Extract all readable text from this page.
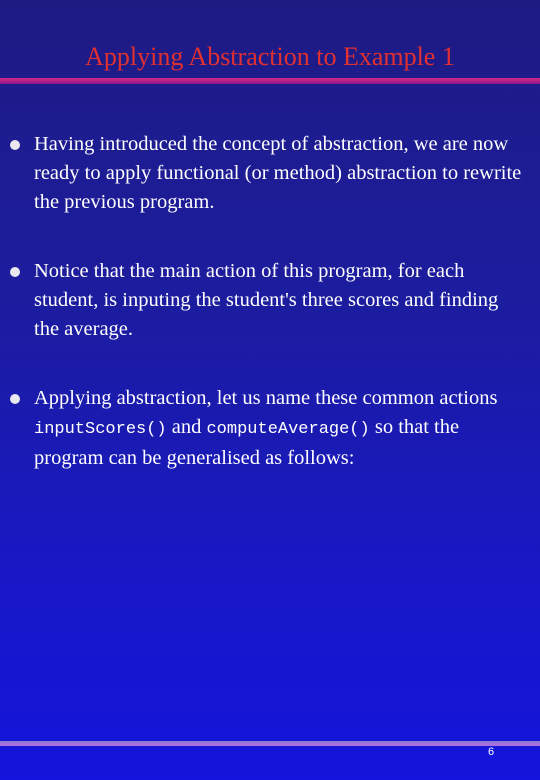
Applying Abstraction to Example 1
Having introduced the concept of abstraction, we are now ready to apply functional (or method) abstraction to rewrite the previous program.
Notice that the main action of this program, for each student, is inputing the student's three scores and finding the average.
Applying abstraction, let us name these common actions inputScores() and computeAverage() so that the program can be generalised as follows:
6
